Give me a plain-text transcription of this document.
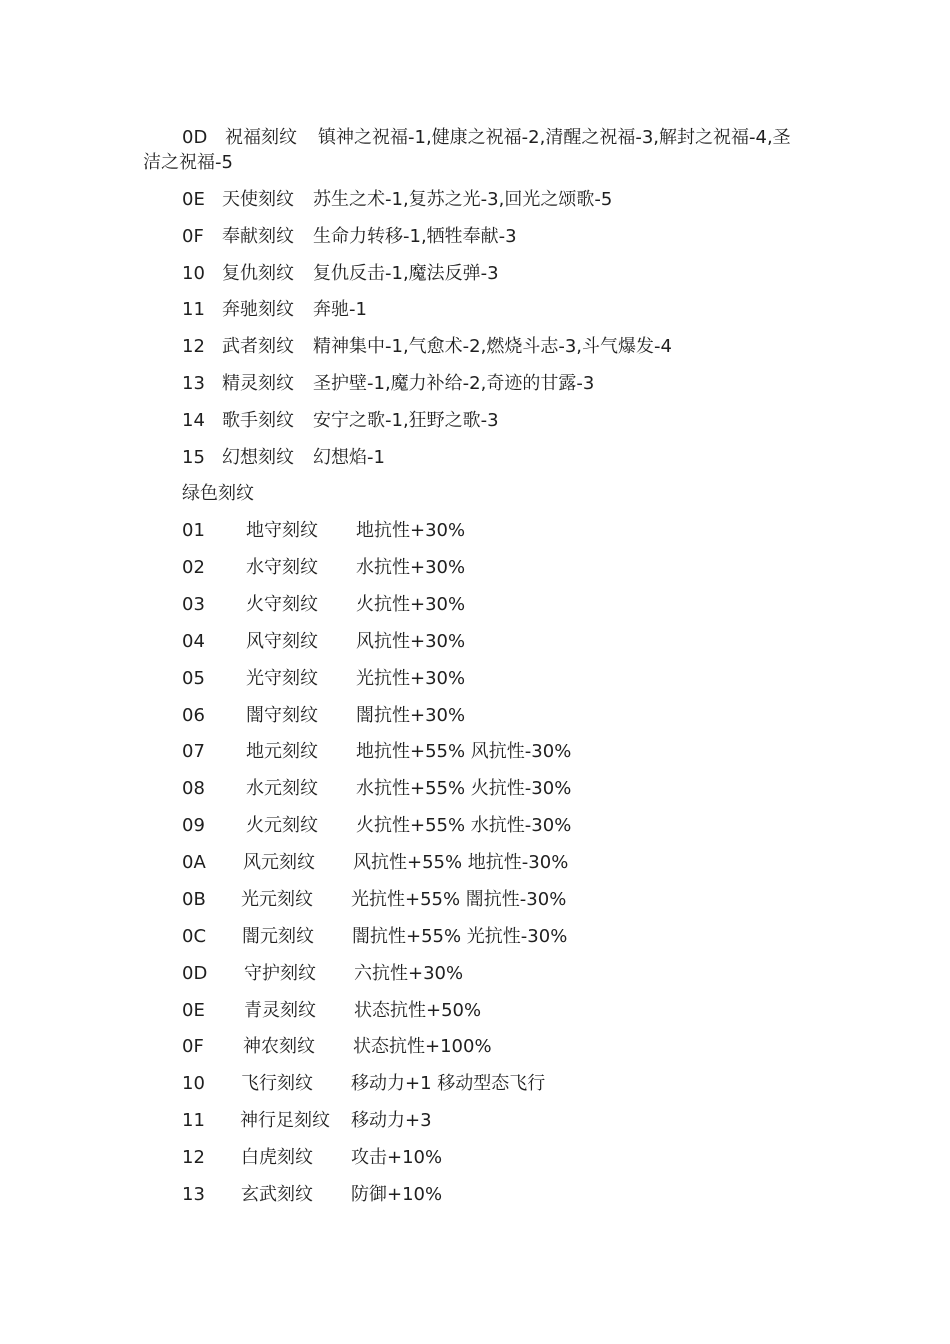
0D 祝福刻纹 镇神之祝福-1,健康之祝福-2,清醒之祝福-3,解封之祝福-4,圣
洁之祝福-5
0E 天使刻纹 苏生之术-1,复苏之光-3,回光之颂歌-5
0F 奉献刻纹 生命力转移-1,牺牲奉献-3
10 复仇刻纹 复仇反击-1,魔法反弹-3
11 奔驰刻纹 奔驰-1
12 武者刻纹 精神集中-1,气愈术-2,燃烧斗志-3,斗气爆发-4
13 精灵刻纹 圣护壁-1,魔力补给-2,奇迹的甘露-3
14 歌手刻纹 安宁之歌-1,狂野之歌-3
15 幻想刻纹 幻想焰-1
绿色刻纹
01 地守刻纹 地抗性+30%
02 水守刻纹 水抗性+30%
03 火守刻纹 火抗性+30%
04 风守刻纹 风抗性+30%
05 光守刻纹 光抗性+30%
06 闇守刻纹 闇抗性+30%
07 地元刻纹 地抗性+55% 风抗性-30%
08 水元刻纹 水抗性+55% 火抗性-30%
09 火元刻纹 火抗性+55% 水抗性-30%
0A 风元刻纹 风抗性+55% 地抗性-30%
0B 光元刻纹 光抗性+55% 闇抗性-30%
0C 闇元刻纹 闇抗性+55% 光抗性-30%
0D 守护刻纹 六抗性+30%
0E 青灵刻纹 状态抗性+50%
0F 神农刻纹 状态抗性+100%
10 飞行刻纹 移动力+1 移动型态飞行
11 神行足刻纹 移动力+3
12 白虎刻纹 攻击+10%
13 玄武刻纹 防御+10%
